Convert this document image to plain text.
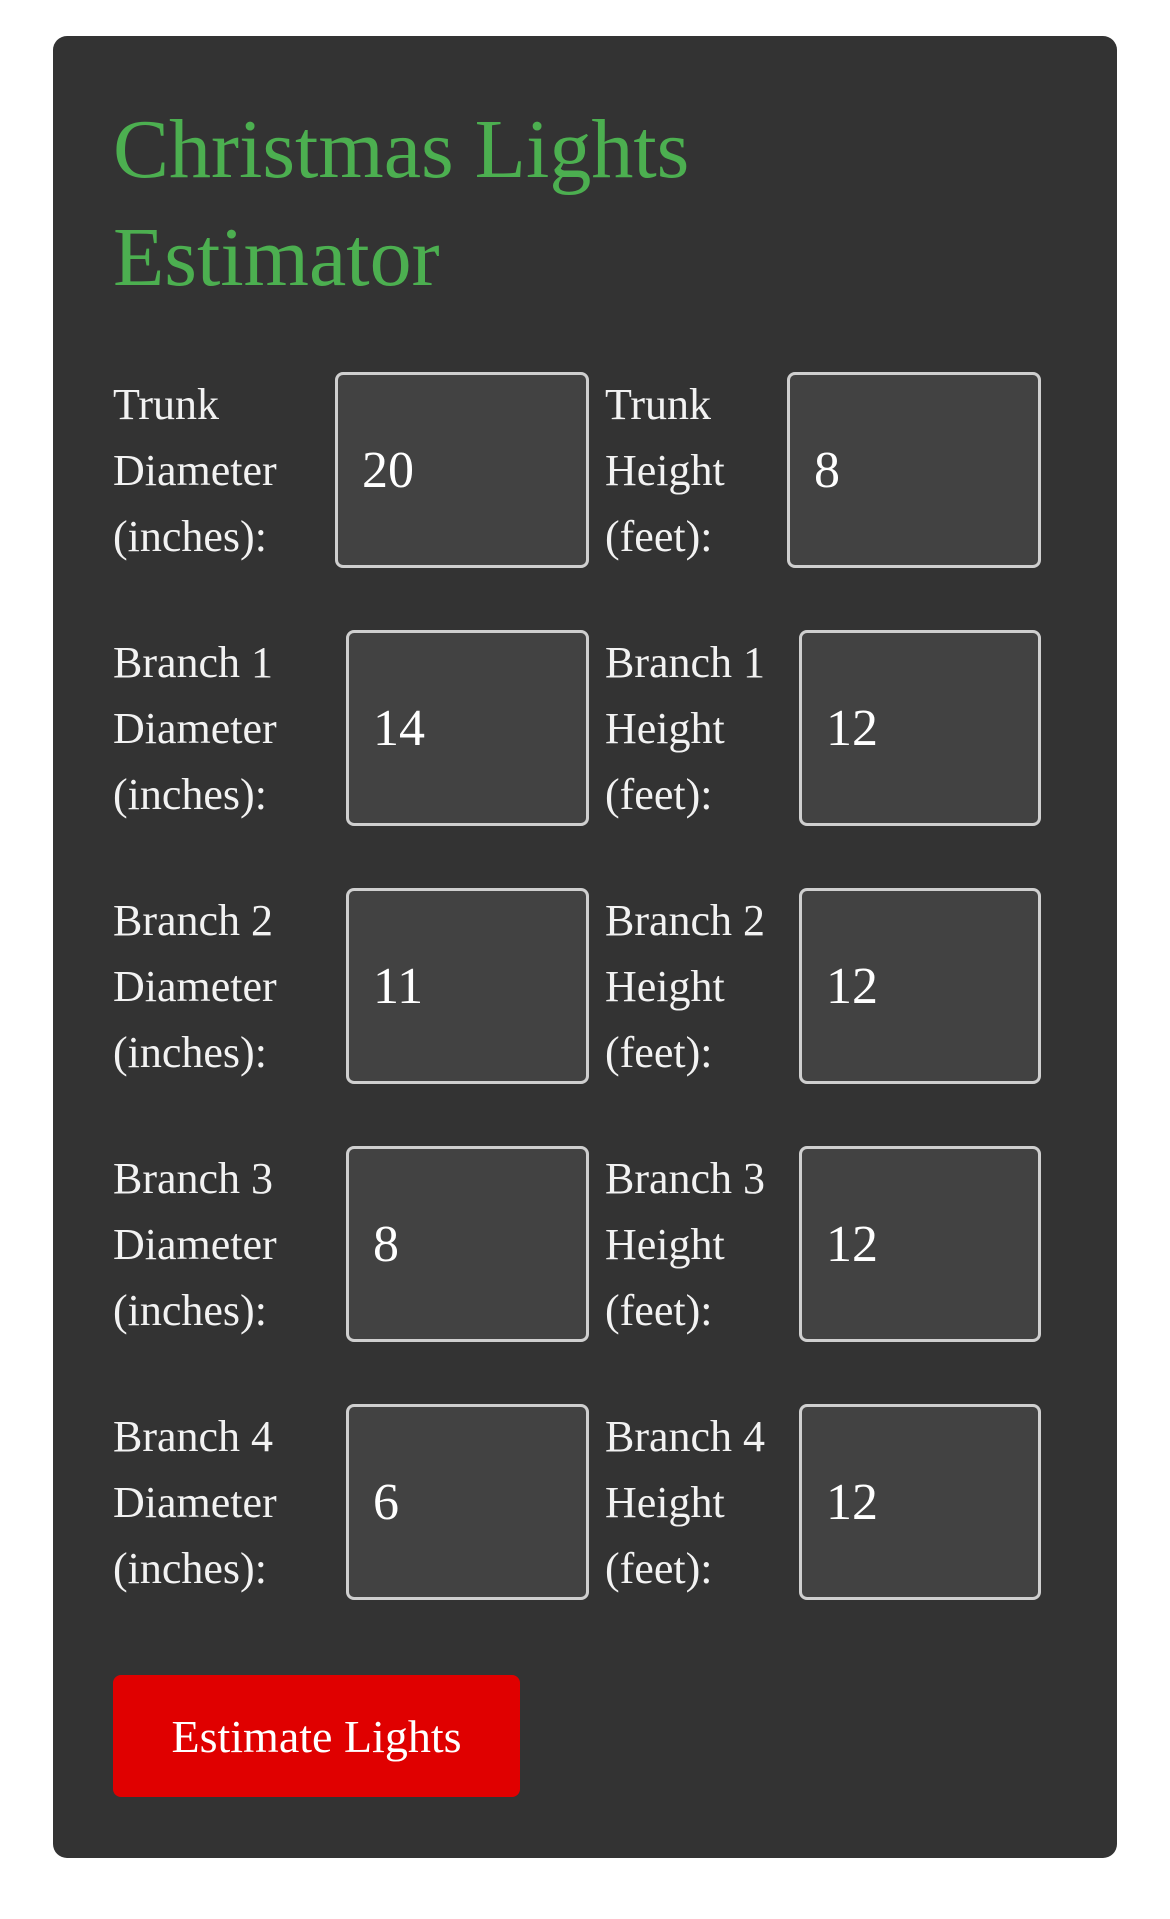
Christmas Lights Estimator
Trunk
Diameter
(inches):
20
Trunk
Height
(feet):
8
Branch 1
Diameter
(inches):
14
Branch 1
Height
(feet):
12
Branch 2
Diameter
(inches):
11
Branch 2
Height
(feet):
12
Branch 3
Diameter
(inches):
8
Branch 3
Height
(feet):
12
Branch 4
Diameter
(inches):
6
Branch 4
Height
(feet):
12
Estimate Lights
